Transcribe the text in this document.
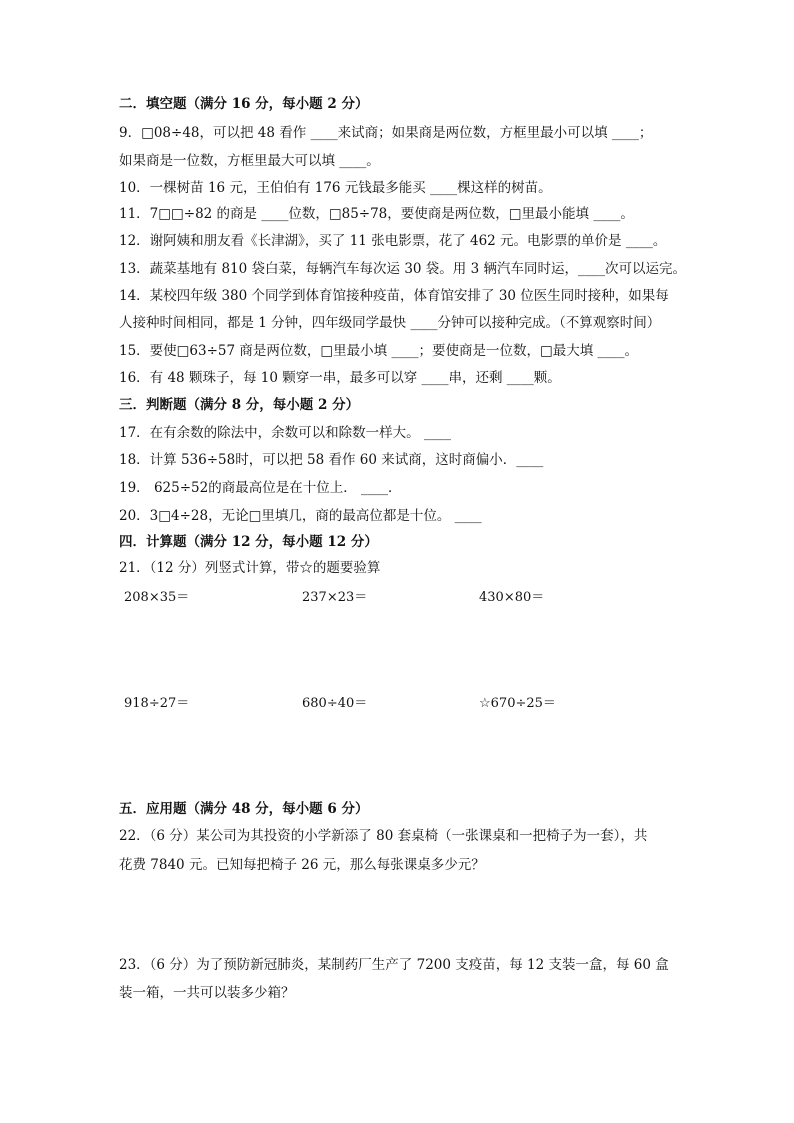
二．填空题（满分 16 分，每小题 2 分）
9．□08÷48，可以把 48 看作 ____来试商；如果商是两位数，方框里最小可以填 ____；
如果商是一位数，方框里最大可以填 ____。
10．一棵树苗 16 元，王伯伯有 176 元钱最多能买 ____棵这样的树苗。
11．7□□÷82 的商是 ____位数，□85÷78，要使商是两位数，□里最小能填 ____。
12．谢阿姨和朋友看《长津湖》，买了 11 张电影票，花了 462 元。电影票的单价是 ____。
13．蔬菜基地有 810 袋白菜，每辆汽车每次运 30 袋。用 3 辆汽车同时运，____次可以运完。
14．某校四年级 380 个同学到体育馆接种疫苗，体育馆安排了 30 位医生同时接种，如果每
人接种时间相同，都是 1 分钟，四年级同学最快 ____分钟可以接种完成。（不算观察时间）
15．要使□63÷57 商是两位数，□里最小填 ____；要使商是一位数，□最大填 ____。
16．有 48 颗珠子，每 10 颗穿一串，最多可以穿 ____串，还剩 ____颗。
三．判断题（满分 8 分，每小题 2 分）
17．在有余数的除法中，余数可以和除数一样大。 ____
18．计算 536÷58时，可以把 58 看作 60 来试商，这时商偏小．____
19． 625÷52的商最高位是在十位上． ____．
20．3□4÷28，无论□里填几，商的最高位都是十位。 ____
四．计算题（满分 12 分，每小题 12 分）
21．（12 分）列竖式计算，带☆的题要验算
208×35＝	237×23＝	430×80＝
918÷27＝	680÷40＝	☆670÷25＝
五．应用题（满分 48 分，每小题 6 分）
22．（6 分）某公司为其投资的小学新添了 80 套桌椅（一张课桌和一把椅子为一套），共
花费 7840 元。已知每把椅子 26 元，那么每张课桌多少元？
23．（6 分）为了预防新冠肺炎，某制药厂生产了 7200 支疫苗，每 12 支装一盒，每 60 盒
装一箱，一共可以装多少箱？
